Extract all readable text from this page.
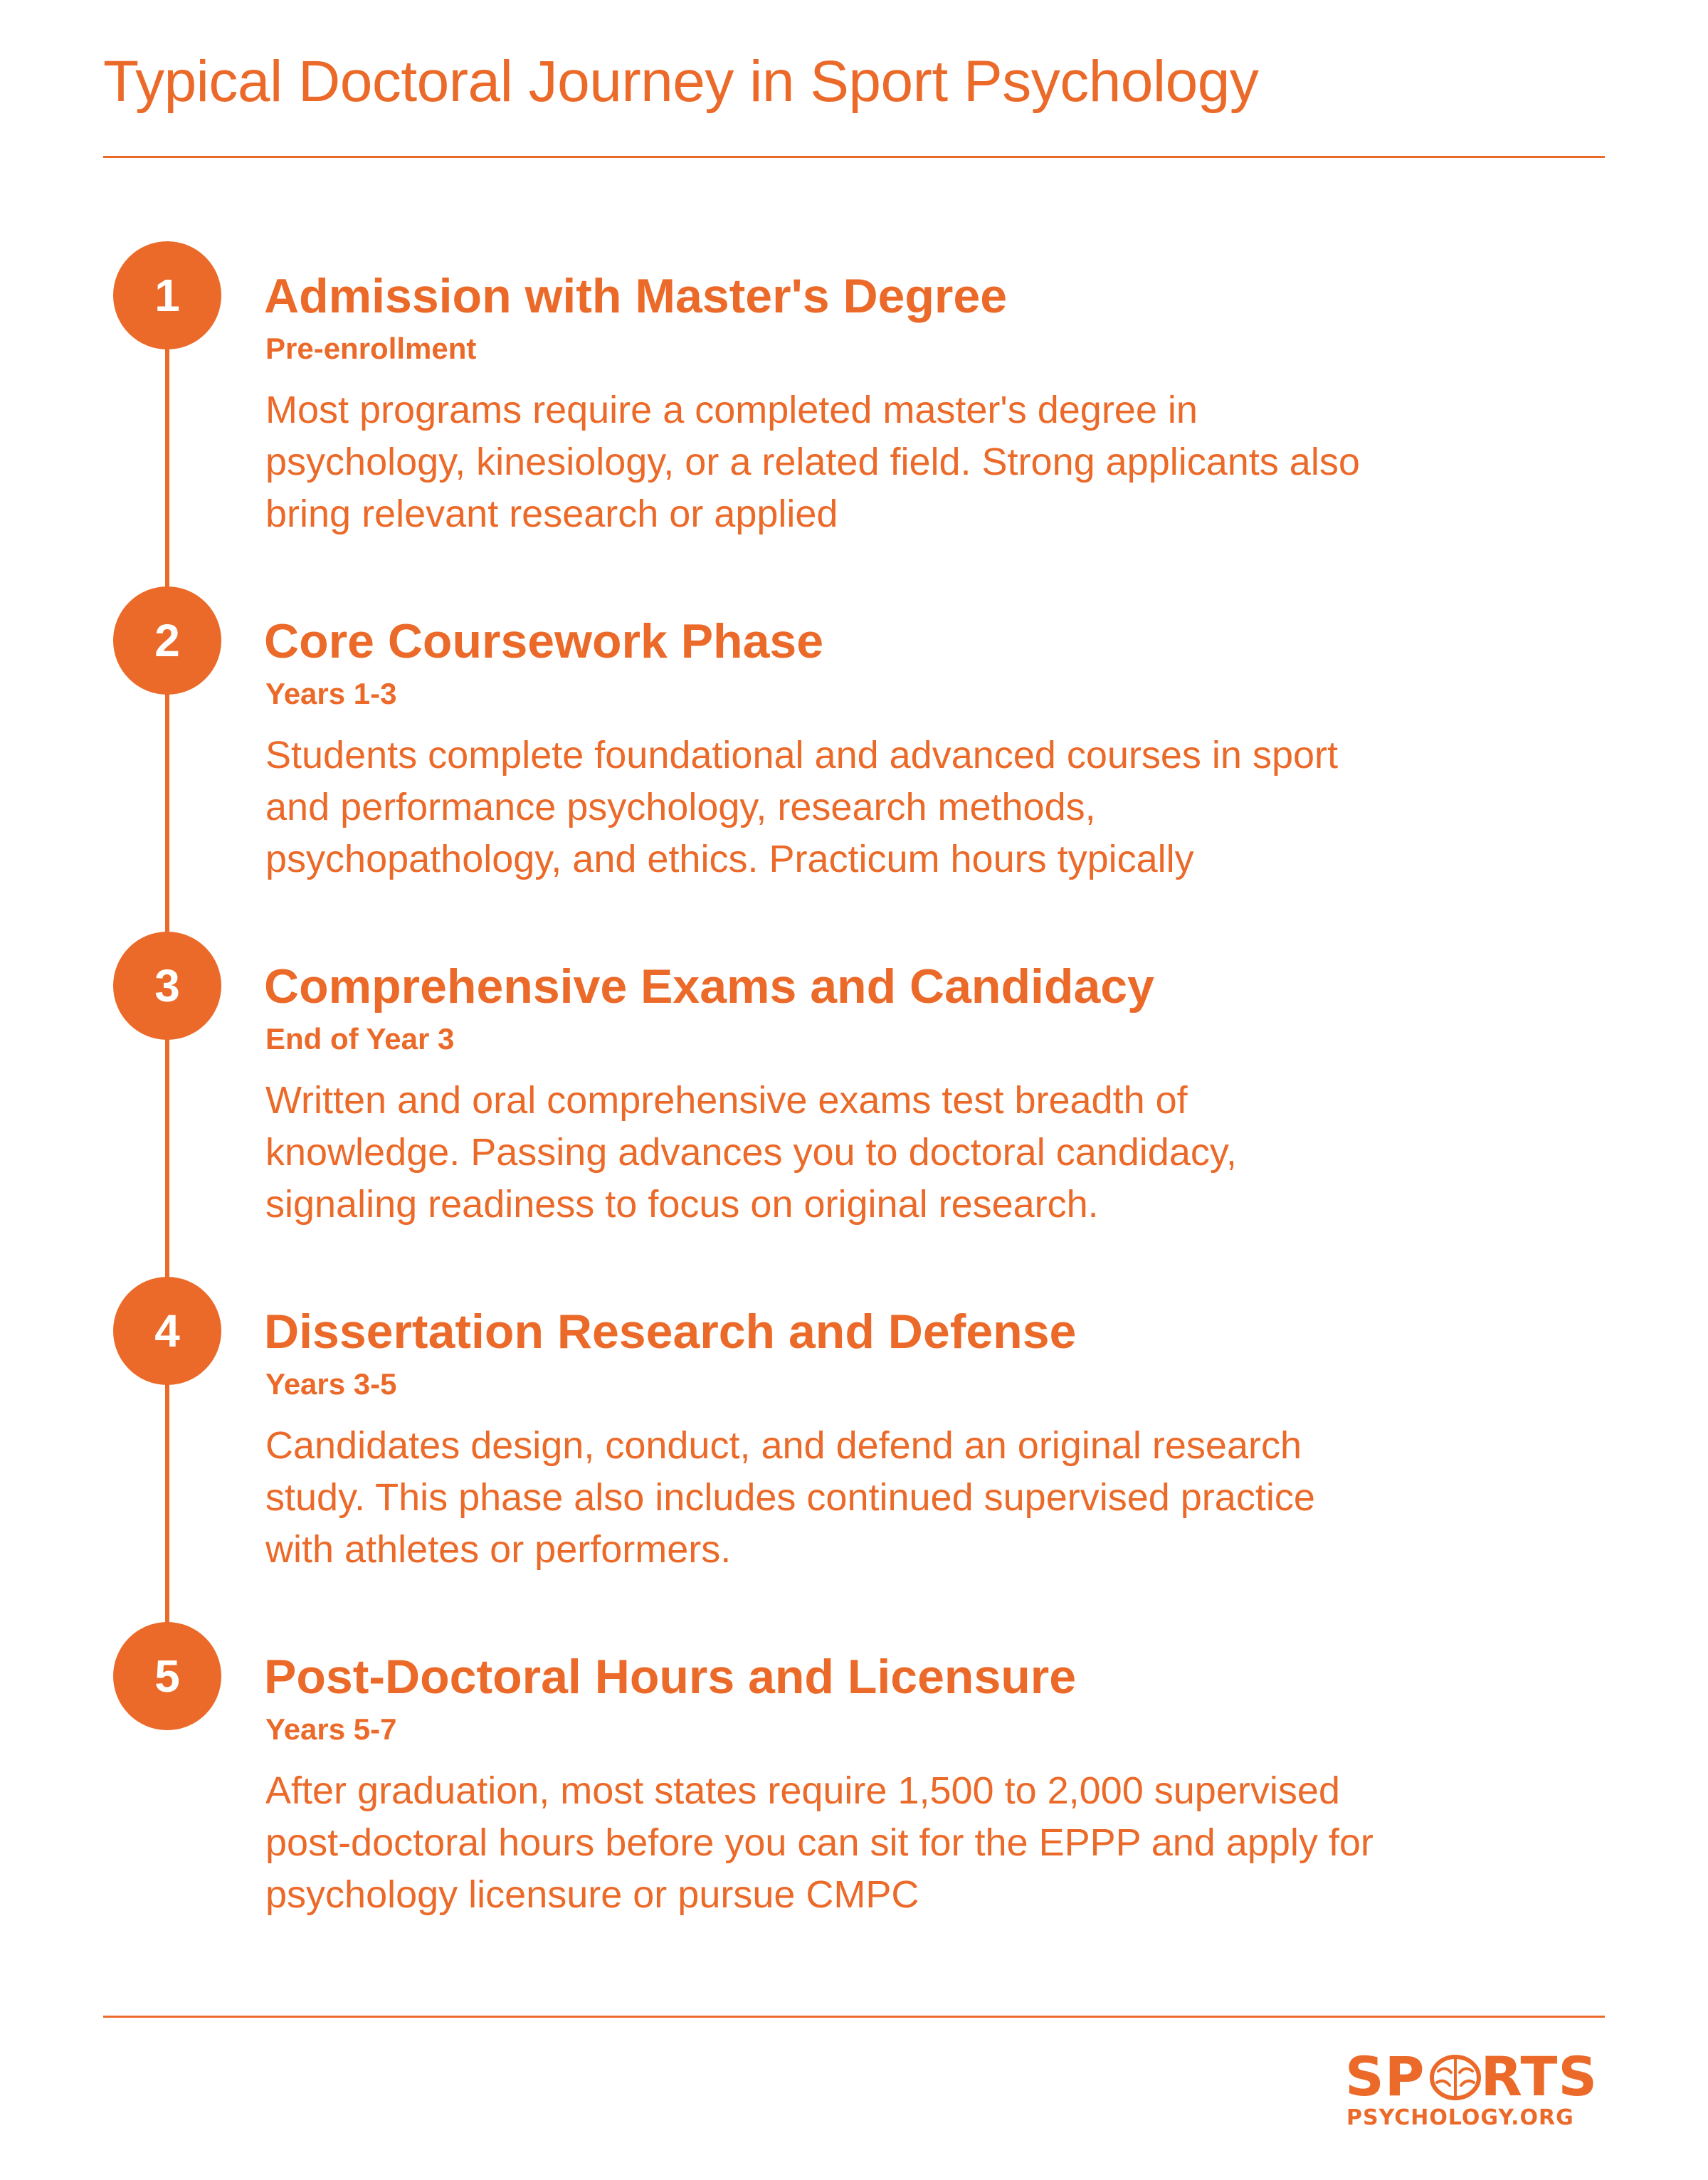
Typical Doctoral Journey in Sport Psychology
1	Admission with Master's Degree
Pre-enrollment

Most programs require a completed master's degree in psychology, kinesiology, or a related field. Strong applicants also bring relevant research or applied

2	Core Coursework Phase
Years 1-3

Students complete foundational and advanced courses in sport and performance psychology, research methods, psychopathology, and ethics. Practicum hours typically

3	Comprehensive Exams and Candidacy
End of Year 3

Written and oral comprehensive exams test breadth of knowledge. Passing advances you to doctoral candidacy, signaling readiness to focus on original research.

4	Dissertation Research and Defense
Years 3-5

Candidates design, conduct, and defend an original research study. This phase also includes continued supervised practice with athletes or performers.

5	Post-Doctoral Hours and Licensure
Years 5-7

After graduation, most states require 1,500 to 2,000 supervised post-doctoral hours before you can sit for the EPPP and apply for psychology licensure or pursue CMPC

SP RTS
PSYCHOLOGY.ORG
